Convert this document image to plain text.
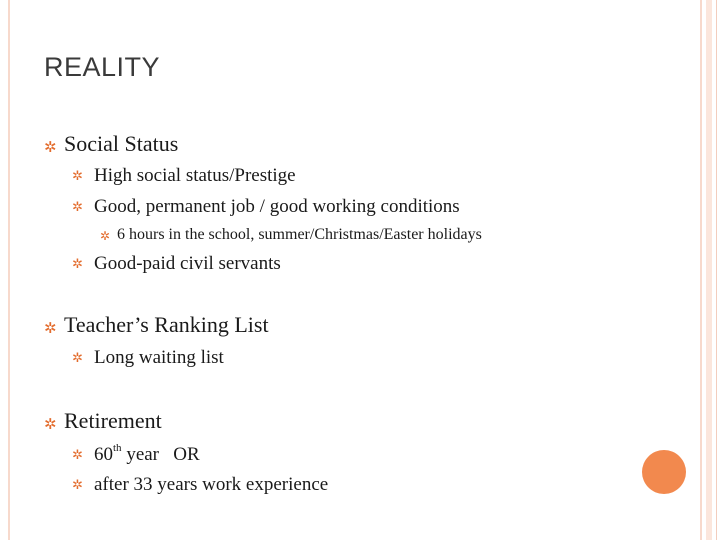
REALITY
✲ Social Status
✲ High social status/Prestige
✲ Good, permanent job / good working conditions
✲ 6 hours in the school, summer/Christmas/Easter holidays
✲ Good-paid civil servants
✲ Teacher’s Ranking List
✲ Long waiting list
✲ Retirement
✲ 60th year   OR
✲ after 33 years work experience
